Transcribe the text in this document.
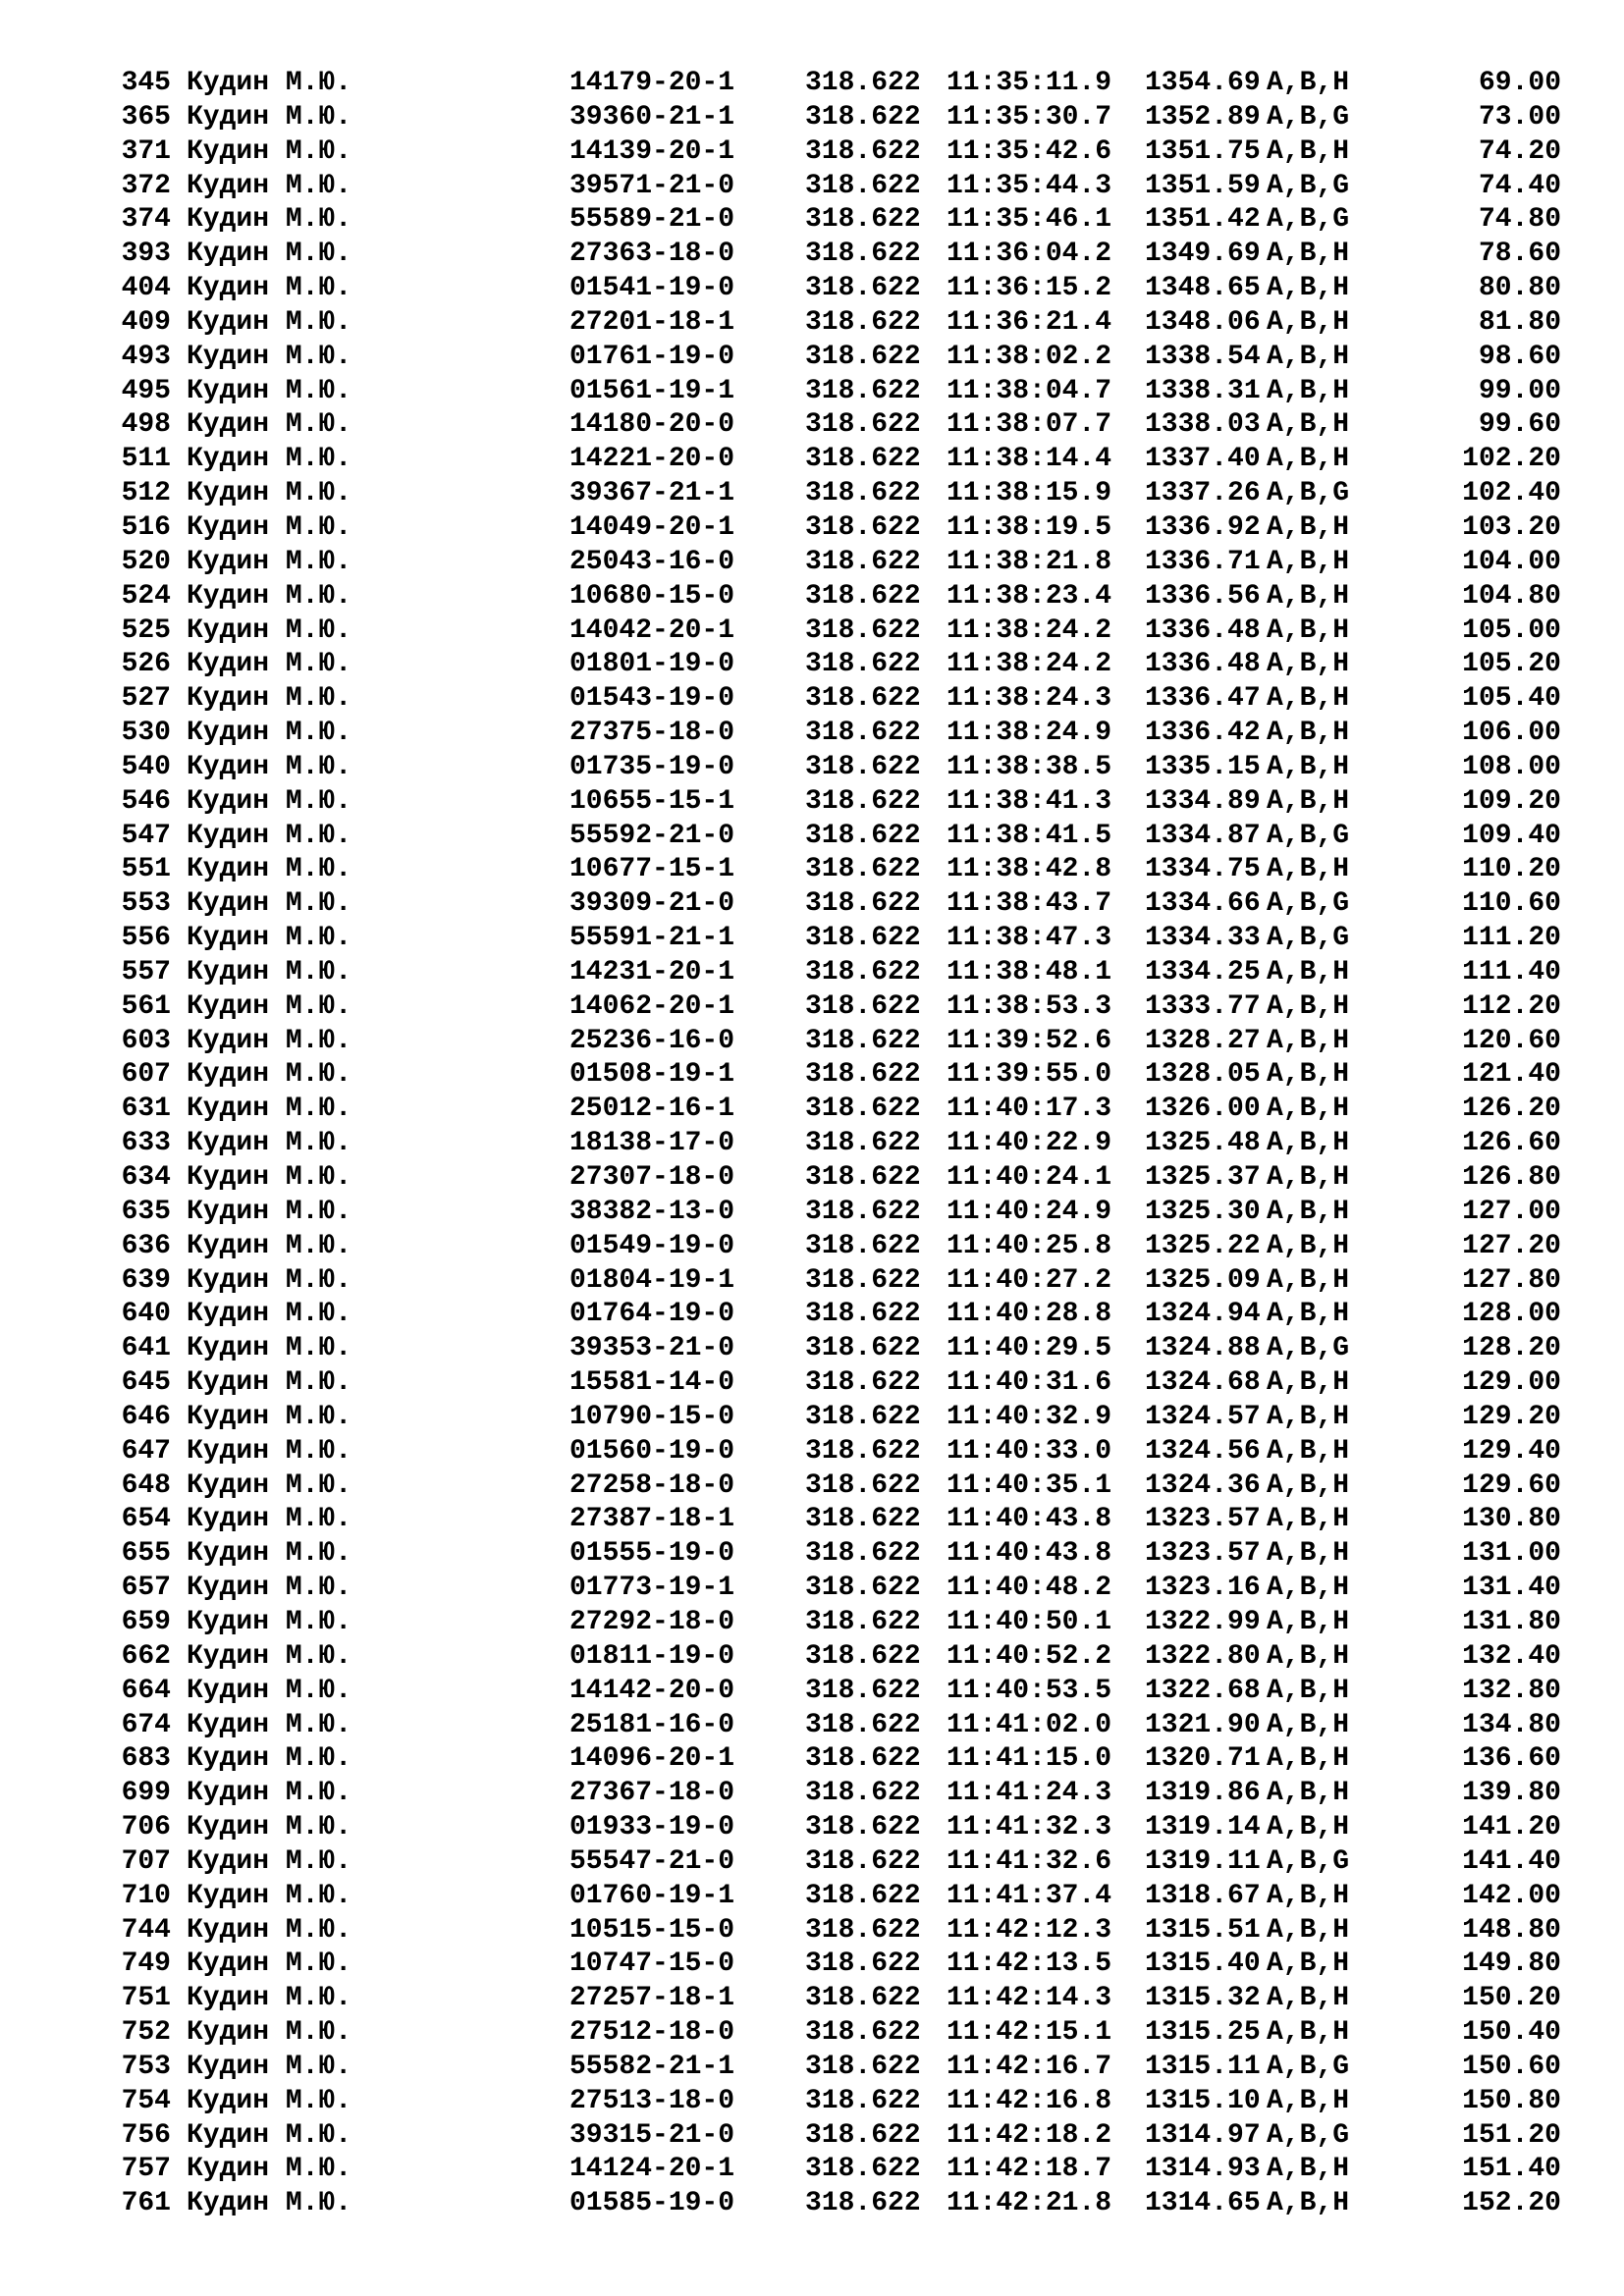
345 Кудин М.Ю.	14179-20-1	318.622 11:35:11.9 1354.69 A,B,H	69.00
365 Кудин М.Ю.	39360-21-1	318.622 11:35:30.7 1352.89 A,B,G	73.00
371 Кудин М.Ю.	14139-20-1	318.622 11:35:42.6 1351.75 A,B,H	74.20
372 Кудин М.Ю.	39571-21-0	318.622 11:35:44.3 1351.59 A,B,G	74.40
374 Кудин М.Ю.	55589-21-0	318.622 11:35:46.1 1351.42 A,B,G	74.80
393 Кудин М.Ю.	27363-18-0	318.622 11:36:04.2 1349.69 A,B,H	78.60
404 Кудин М.Ю.	01541-19-0	318.622 11:36:15.2 1348.65 A,B,H	80.80
409 Кудин М.Ю.	27201-18-1	318.622 11:36:21.4 1348.06 A,B,H	81.80
493 Кудин М.Ю.	01761-19-0	318.622 11:38:02.2 1338.54 A,B,H	98.60
495 Кудин М.Ю.	01561-19-1	318.622 11:38:04.7 1338.31 A,B,H	99.00
498 Кудин М.Ю.	14180-20-0	318.622 11:38:07.7 1338.03 A,B,H	99.60
511 Кудин М.Ю.	14221-20-0	318.622 11:38:14.4 1337.40 A,B,H	102.20
512 Кудин М.Ю.	39367-21-1	318.622 11:38:15.9 1337.26 A,B,G	102.40
516 Кудин М.Ю.	14049-20-1	318.622 11:38:19.5 1336.92 A,B,H	103.20
520 Кудин М.Ю.	25043-16-0	318.622 11:38:21.8 1336.71 A,B,H	104.00
524 Кудин М.Ю.	10680-15-0	318.622 11:38:23.4 1336.56 A,B,H	104.80
525 Кудин М.Ю.	14042-20-1	318.622 11:38:24.2 1336.48 A,B,H	105.00
526 Кудин М.Ю.	01801-19-0	318.622 11:38:24.2 1336.48 A,B,H	105.20
527 Кудин М.Ю.	01543-19-0	318.622 11:38:24.3 1336.47 A,B,H	105.40
530 Кудин М.Ю.	27375-18-0	318.622 11:38:24.9 1336.42 A,B,H	106.00
540 Кудин М.Ю.	01735-19-0	318.622 11:38:38.5 1335.15 A,B,H	108.00
546 Кудин М.Ю.	10655-15-1	318.622 11:38:41.3 1334.89 A,B,H	109.20
547 Кудин М.Ю.	55592-21-0	318.622 11:38:41.5 1334.87 A,B,G	109.40
551 Кудин М.Ю.	10677-15-1	318.622 11:38:42.8 1334.75 A,B,H	110.20
553 Кудин М.Ю.	39309-21-0	318.622 11:38:43.7 1334.66 A,B,G	110.60
556 Кудин М.Ю.	55591-21-1	318.622 11:38:47.3 1334.33 A,B,G	111.20
557 Кудин М.Ю.	14231-20-1	318.622 11:38:48.1 1334.25 A,B,H	111.40
561 Кудин М.Ю.	14062-20-1	318.622 11:38:53.3 1333.77 A,B,H	112.20
603 Кудин М.Ю.	25236-16-0	318.622 11:39:52.6 1328.27 A,B,H	120.60
607 Кудин М.Ю.	01508-19-1	318.622 11:39:55.0 1328.05 A,B,H	121.40
631 Кудин М.Ю.	25012-16-1	318.622 11:40:17.3 1326.00 A,B,H	126.20
633 Кудин М.Ю.	18138-17-0	318.622 11:40:22.9 1325.48 A,B,H	126.60
634 Кудин М.Ю.	27307-18-0	318.622 11:40:24.1 1325.37 A,B,H	126.80
635 Кудин М.Ю.	38382-13-0	318.622 11:40:24.9 1325.30 A,B,H	127.00
636 Кудин М.Ю.	01549-19-0	318.622 11:40:25.8 1325.22 A,B,H	127.20
639 Кудин М.Ю.	01804-19-1	318.622 11:40:27.2 1325.09 A,B,H	127.80
640 Кудин М.Ю.	01764-19-0	318.622 11:40:28.8 1324.94 A,B,H	128.00
641 Кудин М.Ю.	39353-21-0	318.622 11:40:29.5 1324.88 A,B,G	128.20
645 Кудин М.Ю.	15581-14-0	318.622 11:40:31.6 1324.68 A,B,H	129.00
646 Кудин М.Ю.	10790-15-0	318.622 11:40:32.9 1324.57 A,B,H	129.20
647 Кудин М.Ю.	01560-19-0	318.622 11:40:33.0 1324.56 A,B,H	129.40
648 Кудин М.Ю.	27258-18-0	318.622 11:40:35.1 1324.36 A,B,H	129.60
654 Кудин М.Ю.	27387-18-1	318.622 11:40:43.8 1323.57 A,B,H	130.80
655 Кудин М.Ю.	01555-19-0	318.622 11:40:43.8 1323.57 A,B,H	131.00
657 Кудин М.Ю.	01773-19-1	318.622 11:40:48.2 1323.16 A,B,H	131.40
659 Кудин М.Ю.	27292-18-0	318.622 11:40:50.1 1322.99 A,B,H	131.80
662 Кудин М.Ю.	01811-19-0	318.622 11:40:52.2 1322.80 A,B,H	132.40
664 Кудин М.Ю.	14142-20-0	318.622 11:40:53.5 1322.68 A,B,H	132.80
674 Кудин М.Ю.	25181-16-0	318.622 11:41:02.0 1321.90 A,B,H	134.80
683 Кудин М.Ю.	14096-20-1	318.622 11:41:15.0 1320.71 A,B,H	136.60
699 Кудин М.Ю.	27367-18-0	318.622 11:41:24.3 1319.86 A,B,H	139.80
706 Кудин М.Ю.	01933-19-0	318.622 11:41:32.3 1319.14 A,B,H	141.20
707 Кудин М.Ю.	55547-21-0	318.622 11:41:32.6 1319.11 A,B,G	141.40
710 Кудин М.Ю.	01760-19-1	318.622 11:41:37.4 1318.67 A,B,H	142.00
744 Кудин М.Ю.	10515-15-0	318.622 11:42:12.3 1315.51 A,B,H	148.80
749 Кудин М.Ю.	10747-15-0	318.622 11:42:13.5 1315.40 A,B,H	149.80
751 Кудин М.Ю.	27257-18-1	318.622 11:42:14.3 1315.32 A,B,H	150.20
752 Кудин М.Ю.	27512-18-0	318.622 11:42:15.1 1315.25 A,B,H	150.40
753 Кудин М.Ю.	55582-21-1	318.622 11:42:16.7 1315.11 A,B,G	150.60
754 Кудин М.Ю.	27513-18-0	318.622 11:42:16.8 1315.10 A,B,H	150.80
756 Кудин М.Ю.	39315-21-0	318.622 11:42:18.2 1314.97 A,B,G	151.20
757 Кудин М.Ю.	14124-20-1	318.622 11:42:18.7 1314.93 A,B,H	151.40
761 Кудин М.Ю.	01585-19-0	318.622 11:42:21.8 1314.65 A,B,H	152.20
